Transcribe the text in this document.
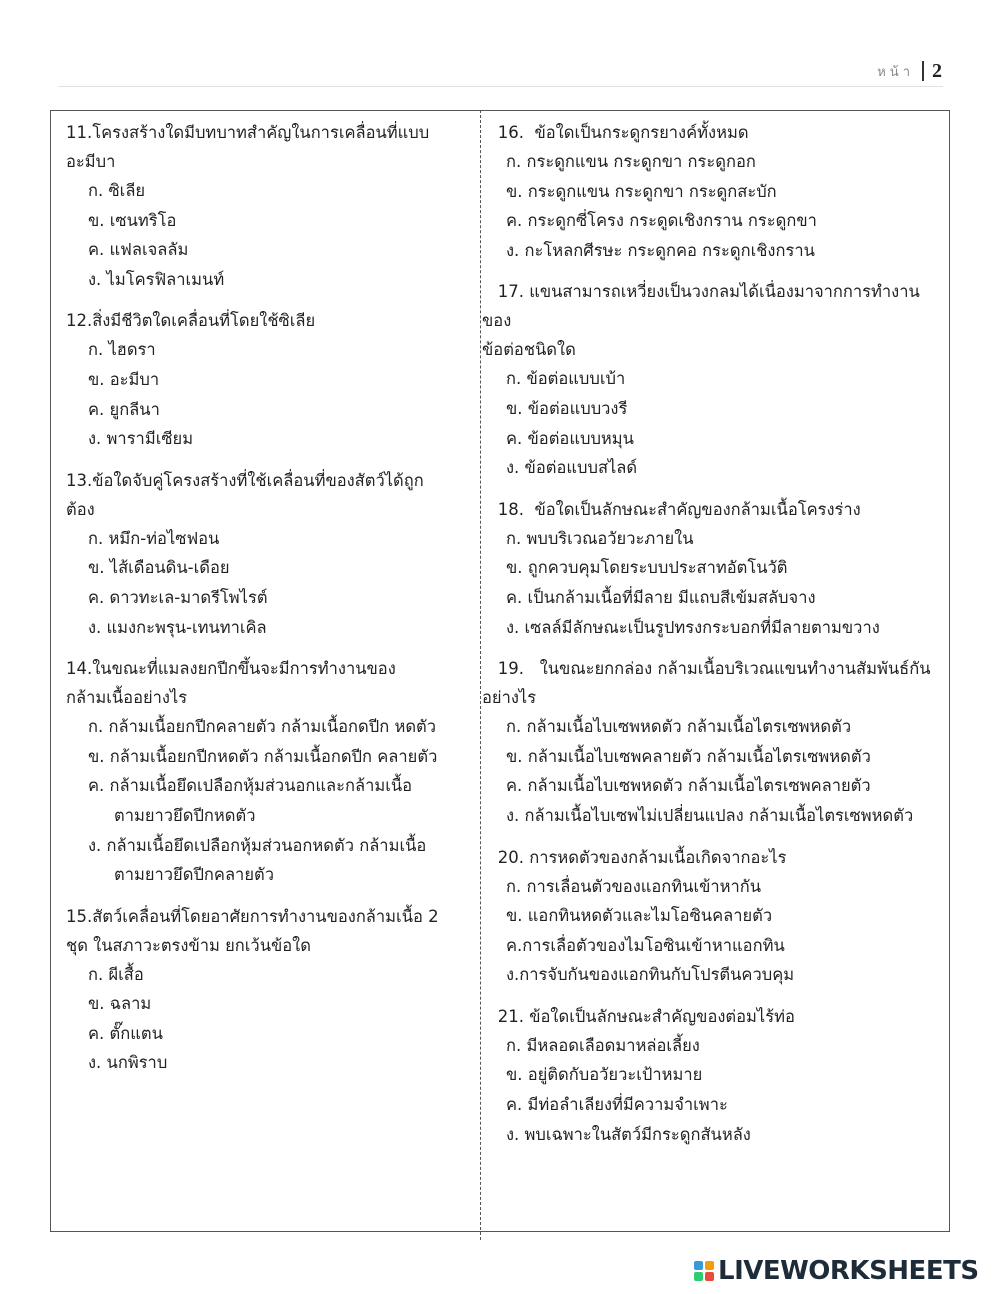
หน้า 2
11.โครงสร้างใดมีบทบาทสำคัญในการเคลื่อนที่แบบ
อะมีบา
ก. ซิเลีย
ข. เซนทริโอ
ค. แฟลเจลลัม
ง. ไมโครฟิลาเมนท์
12.สิ่งมีชีวิตใดเคลื่อนที่โดยใช้ซิเลีย
ก. ไฮดรา
ข. อะมีบา
ค. ยูกลีนา
ง. พารามีเซียม
13.ข้อใดจับคู่โครงสร้างที่ใช้เคลื่อนที่ของสัตว์ได้ถูกต้อง
ก. หมึก-ท่อไซฟอน
ข. ไส้เดือนดิน-เดือย
ค. ดาวทะเล-มาดรีโพไรต์
ง. แมงกะพรุน-เทนทาเคิล
14.ในขณะที่แมลงยกปีกขึ้นจะมีการทำงานของ
กล้ามเนื้ออย่างไร
ก. กล้ามเนื้อยกปีกคลายตัว กล้ามเนื้อกดปีก หดตัว
ข. กล้ามเนื้อยกปีกหดตัว กล้ามเนื้อกดปีก คลายตัว
ค. กล้ามเนื้อยึดเปลือกหุ้มส่วนอกและกล้ามเนื้อ
ตามยาวยึดปีกหดตัว
ง. กล้ามเนื้อยึดเปลือกหุ้มส่วนอกหดตัว กล้ามเนื้อ
ตามยาวยึดปีกคลายตัว
15.สัตว์เคลื่อนที่โดยอาศัยการทำงานของกล้ามเนื้อ 2
ชุด ในสภาวะตรงข้าม ยกเว้นข้อใด
ก. ผีเสื้อ
ข. ฉลาม
ค. ตั๊กแตน
ง. นกพิราบ
16.  ข้อใดเป็นกระดูกรยางค์ทั้งหมด
ก. กระดูกแขน กระดูกขา กระดูกอก
ข. กระดูกแขน กระดูกขา กระดูกสะบัก
ค. กระดูกซี่โครง กระดูดเชิงกราน กระดูกขา
ง. กะโหลกศีรษะ กระดูกคอ กระดูกเชิงกราน
17. แขนสามารถเหวี่ยงเป็นวงกลมได้เนื่องมาจากการทำงานของ
ข้อต่อชนิดใด
ก. ข้อต่อแบบเบ้า
ข. ข้อต่อแบบวงรี
ค. ข้อต่อแบบหมุน
ง. ข้อต่อแบบสไลด์
18.  ข้อใดเป็นลักษณะสำคัญของกล้ามเนื้อโครงร่าง
ก. พบบริเวณอวัยวะภายใน
ข. ถูกควบคุมโดยระบบประสาทอัตโนวัติ
ค. เป็นกล้ามเนื้อที่มีลาย มีแถบสีเข้มสลับจาง
ง. เซลล์มีลักษณะเป็นรูปทรงกระบอกที่มีลายตามขวาง
19.   ในขณะยกกล่อง กล้ามเนื้อบริเวณแขนทำงานสัมพันธ์กัน
อย่างไร
ก. กล้ามเนื้อไบเซพหดตัว กล้ามเนื้อไตรเซพหดตัว
ข. กล้ามเนื้อไบเซพคลายตัว กล้ามเนื้อไตรเซพหดตัว
ค. กล้ามเนื้อไบเซพหดตัว กล้ามเนื้อไตรเซพคลายตัว
ง. กล้ามเนื้อไบเซพไม่เปลี่ยนแปลง กล้ามเนื้อไตรเซพหดตัว
20. การหดตัวของกล้ามเนื้อเกิดจากอะไร
ก. การเลื่อนตัวของแอกทินเข้าหากัน
ข. แอกทินหดตัวและไมโอซินคลายตัว
ค.การเลื่อตัวของไมโอซินเข้าหาแอกทิน
ง.การจับกันของแอกทินกับโปรตีนควบคุม
21. ข้อใดเป็นลักษณะสำคัญของต่อมไร้ท่อ
ก. มีหลอดเลือดมาหล่อเลี้ยง
ข. อยู่ติดกับอวัยวะเป้าหมาย
ค. มีท่อลำเลียงที่มีความจำเพาะ
ง. พบเฉพาะในสัตว์มีกระดูกสันหลัง
LIVEWORKSHEETS
